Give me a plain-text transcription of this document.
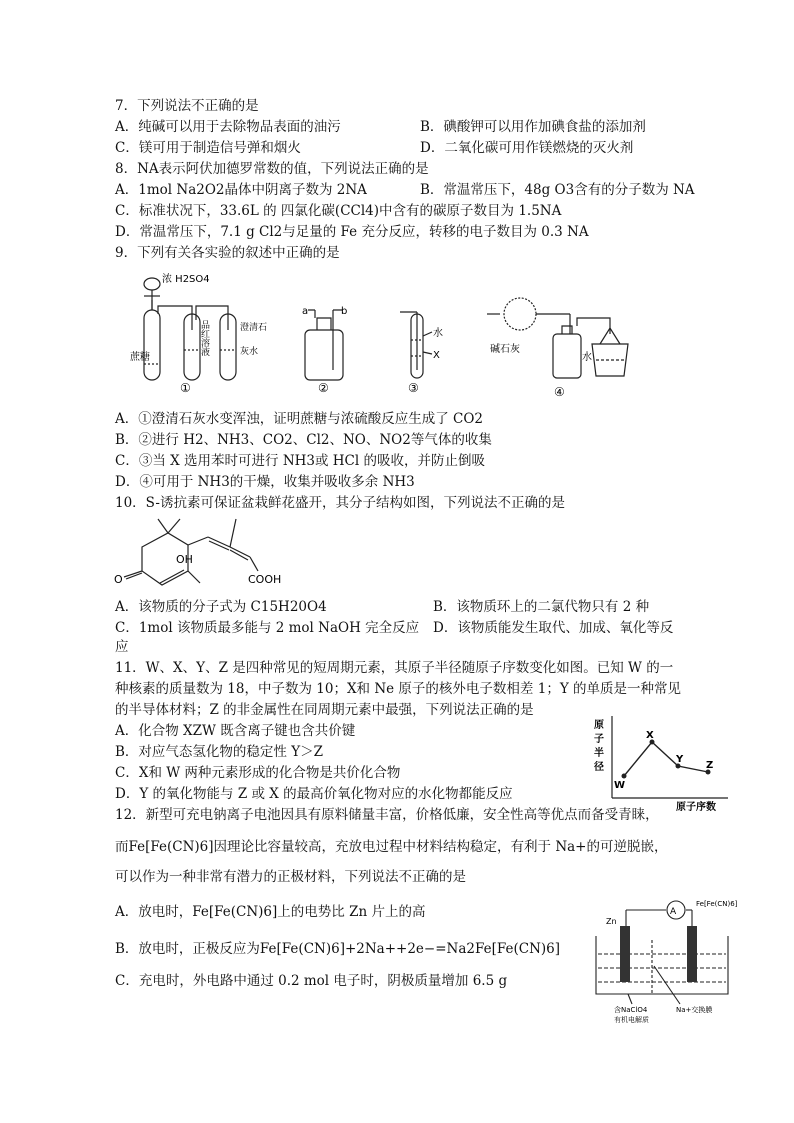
7．下列说法不正确的是
A．纯碱可以用于去除物品表面的油污	B．碘酸钾可以用作加碘食盐的添加剂
C．镁可用于制造信号弹和烟火	D．二氧化碳可用作镁燃烧的灭火剂
8．NA表示阿伏加德罗常数的值，下列说法正确的是
A．1mol Na2O2晶体中阴离子数为 2NA	B．常温常压下，48g O3含有的分子数为 NA
C．标准状况下，33.6L 的 四氯化碳(CCl4)中含有的碳原子数目为 1.5NA
D．常温常压下，7.1 g Cl2与足量的 Fe 充分反应，转移的电子数目为 0.3 NA
9．下列有关各实验的叙述中正确的是
浓 H2SO4
蔗糖
品红溶液	澄清石
灰水
①
a	b
②
水
X
③
碱石灰
水
④
A．①澄清石灰水变浑浊，证明蔗糖与浓硫酸反应生成了 CO2
B．②进行 H2、NH3、CO2、Cl2、NO、NO2等气体的收集
C．③当 X 选用苯时可进行 NH3或 HCl 的吸收，并防止倒吸
D．④可用于 NH3的干燥，收集并吸收多余 NH3
10．S-诱抗素可保证盆栽鲜花盛开，其分子结构如图，下列说法不正确的是
OH
O	COOH
A．该物质的分子式为 C15H20O4	B．该物质环上的二氯代物只有 2 种
C．1mol 该物质最多能与 2 mol NaOH 完全反应 D．该物质能发生取代、加成、氧化等反
应
11．W、X、Y、Z 是四种常见的短周期元素，其原子半径随原子序数变化如图。已知 W 的一
种核素的质量数为 18，中子数为 10；X和 Ne 原子的核外电子数相差 1；Y 的单质是一种常见
的半导体材料；Z 的非金属性在同周期元素中最强，下列说法正确的是
A．化合物 XZW 既含离子键也含共价键
B．对应气态氢化物的稳定性 Y＞Z
C．X和 W 两种元素形成的化合物是共价化合物
D．Y 的氧化物能与 Z 或 X 的最高价氧化物对应的水化物都能反应
原
子
半
径
W
X
Y
Z
原子序数
12．新型可充电钠离子电池因具有原料储量丰富，价格低廉，安全性高等优点而备受青睐，
而Fe[Fe(CN)6]因理论比容量较高，充放电过程中材料结构稳定，有利于 Na+的可逆脱嵌，
可以作为一种非常有潜力的正极材料，下列说法不正确的是
A．放电时，Fe[Fe(CN)6]上的电势比 Zn 片上的高
B．放电时，正极反应为Fe[Fe(CN)6]+2Na++2e−=Na2Fe[Fe(CN)6]
C．充电时，外电路中通过 0.2 mol 电子时，阴极质量增加 6.5 g
A
Zn
Fe[Fe(CN)6]
含NaClO4
有机电解质
Na+交换膜
